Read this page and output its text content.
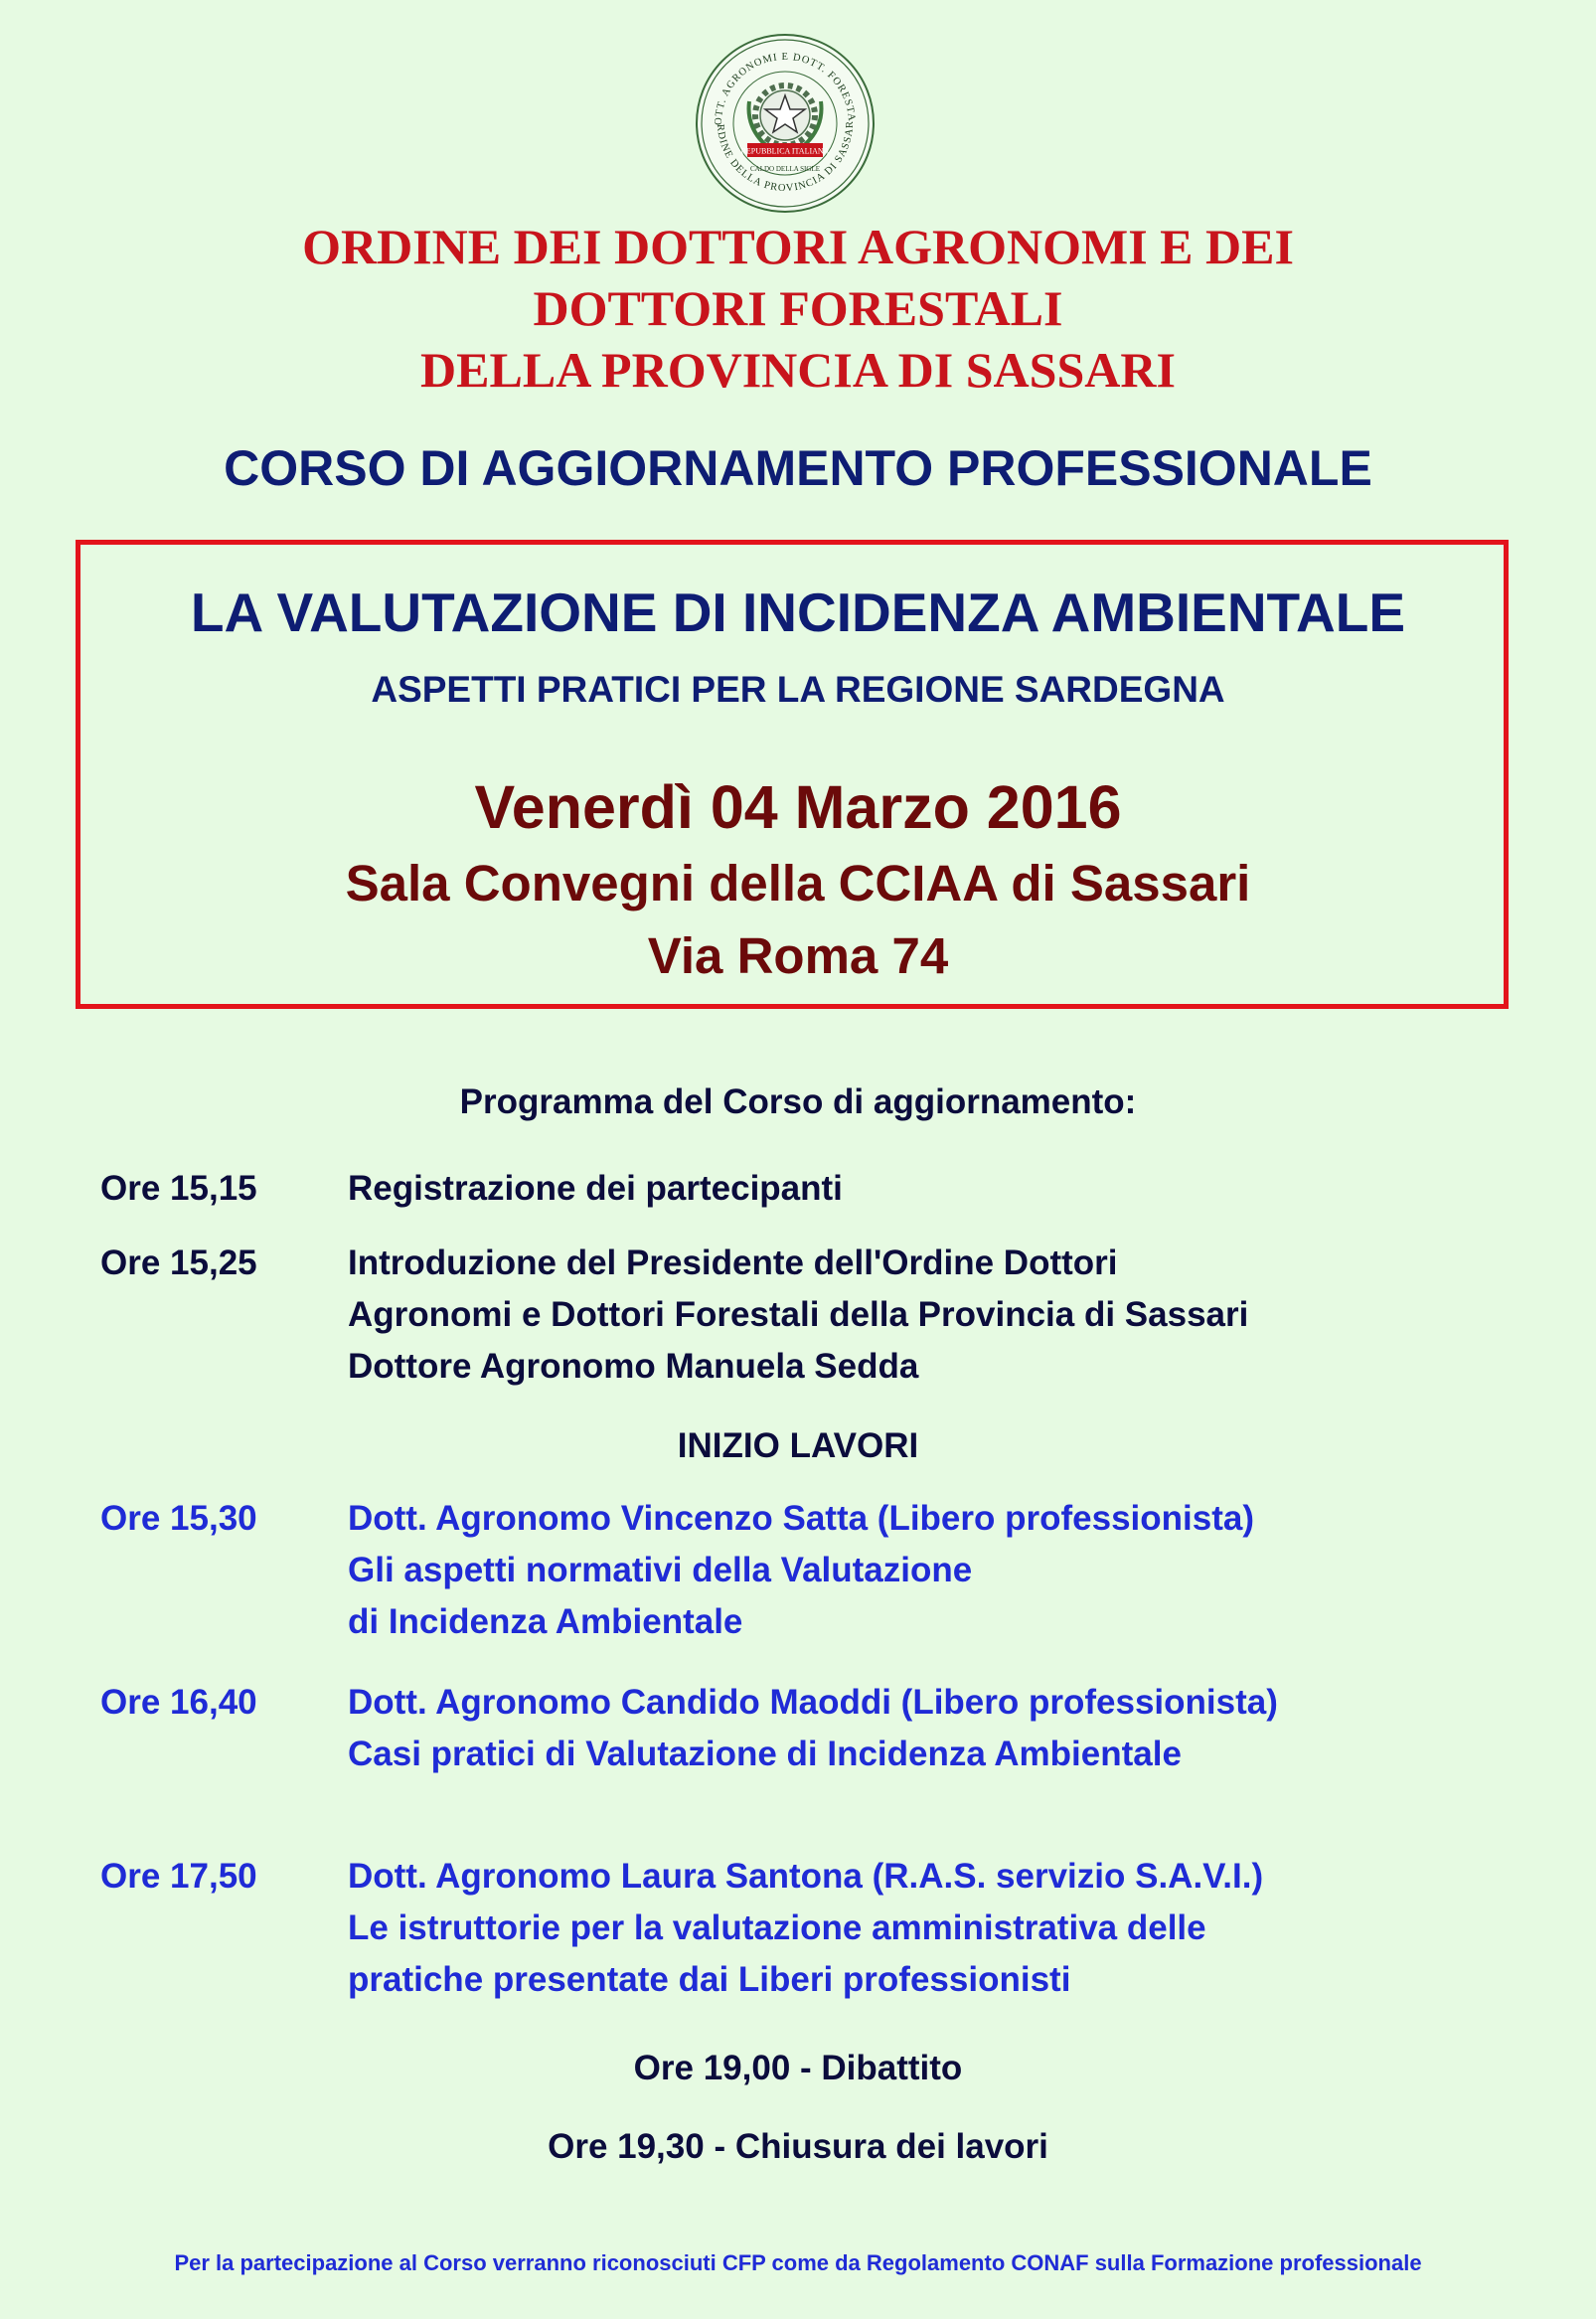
OTT. AGRONOMI E DOTT. FORESTA
RDINE DELLA PROVINCIA DI SASSAR
REPUBBLICA ITALIANA
CALDO DELLA SIGLE
ORDINE DEI DOTTORI AGRONOMI E DEI
DOTTORI FORESTALI
DELLA PROVINCIA DI SASSARI
CORSO DI AGGIORNAMENTO PROFESSIONALE
LA VALUTAZIONE DI INCIDENZA AMBIENTALE
ASPETTI PRATICI PER LA REGIONE SARDEGNA
Venerdì 04 Marzo 2016
Sala Convegni della CCIAA di Sassari
Via Roma 74
Programma del Corso di aggiornamento:
Ore 15,15	Registrazione dei partecipanti
Ore 15,25	Introduzione del Presidente dell'Ordine Dottori
Agronomi e Dottori Forestali della Provincia di Sassari
Dottore Agronomo Manuela Sedda
INIZIO LAVORI
Ore 15,30	Dott. Agronomo Vincenzo Satta (Libero professionista)
Gli aspetti normativi della Valutazione
di Incidenza Ambientale
Ore 16,40	Dott. Agronomo Candido Maoddi (Libero professionista)
Casi pratici di Valutazione di Incidenza Ambientale
Ore 17,50	Dott. Agronomo Laura Santona (R.A.S. servizio S.A.V.I.)
Le istruttorie per la valutazione amministrativa delle
pratiche presentate dai Liberi professionisti
Ore 19,00 - Dibattito
Ore 19,30 - Chiusura dei lavori
Per la partecipazione al Corso verranno riconosciuti CFP come da Regolamento CONAF sulla Formazione professionale
